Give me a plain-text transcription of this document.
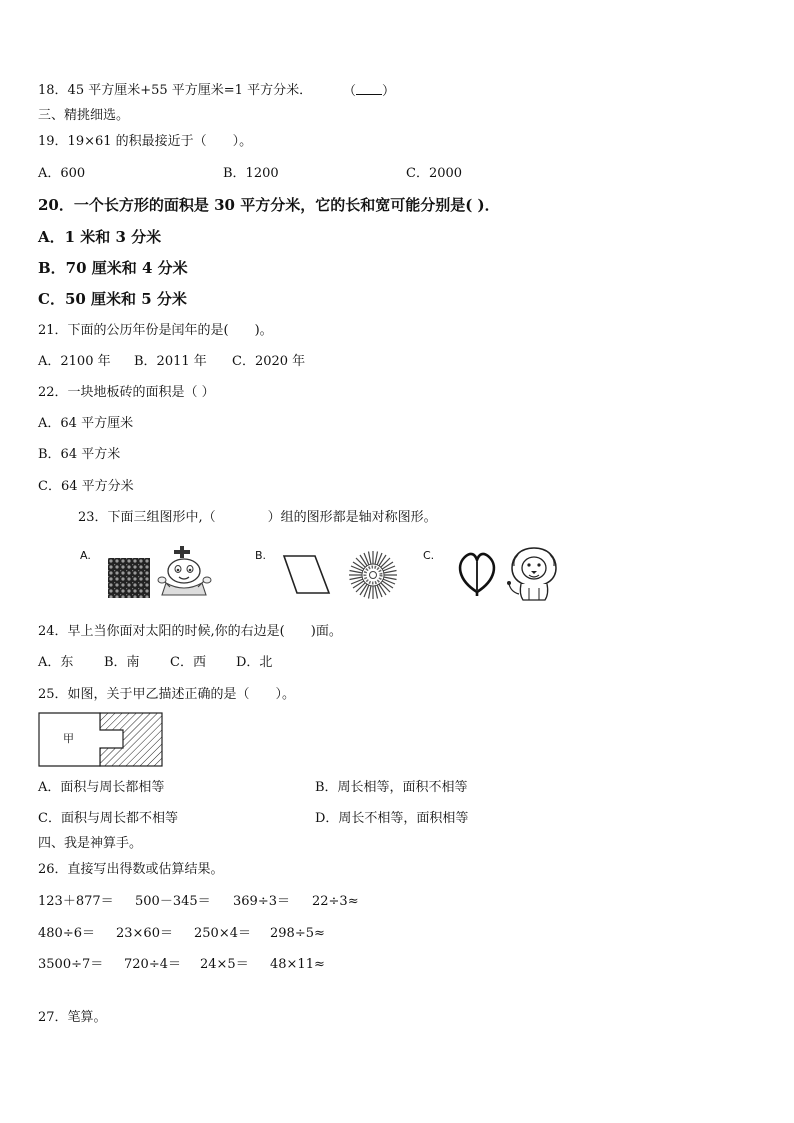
18．45 平方厘米+55 平方厘米=1 平方分米． （ ）
三、精挑细选。
19．19×61 的积最接近于（　　）。
A．600	B．1200	C．2000
20．一个长方形的面积是 30 平方分米，它的长和宽可能分别是( )．
A．1 米和 3 分米
B．70 厘米和 4 分米
C．50 厘米和 5 分米
21．下面的公历年份是闰年的是(　　)。
A．2100 年 B．2011 年 C．2020 年
22．一块地板砖的面积是（ ）
A．64 平方厘米
B．64 平方米
C．64 平方分米
23．下面三组图形中,（　　　　）组的图形都是轴对称图形。
A.	B.	C.
24．早上当你面对太阳的时候,你的右边是(　　)面。
A．东 B．南 C．西 D．北
25．如图，关于甲乙描述正确的是（　　）。
甲
A．面积与周长都相等	B．周长相等，面积不相等
C．面积与周长都不相等	D．周长不相等，面积相等
四、我是神算手。
26．直接写出得数或估算结果。
123＋877＝ 500－345＝ 369÷3＝ 22÷3≈
480÷6＝ 23×60＝ 250×4＝ 298÷5≈
3500÷7＝ 720÷4＝ 24×5＝ 48×11≈
27．笔算。
